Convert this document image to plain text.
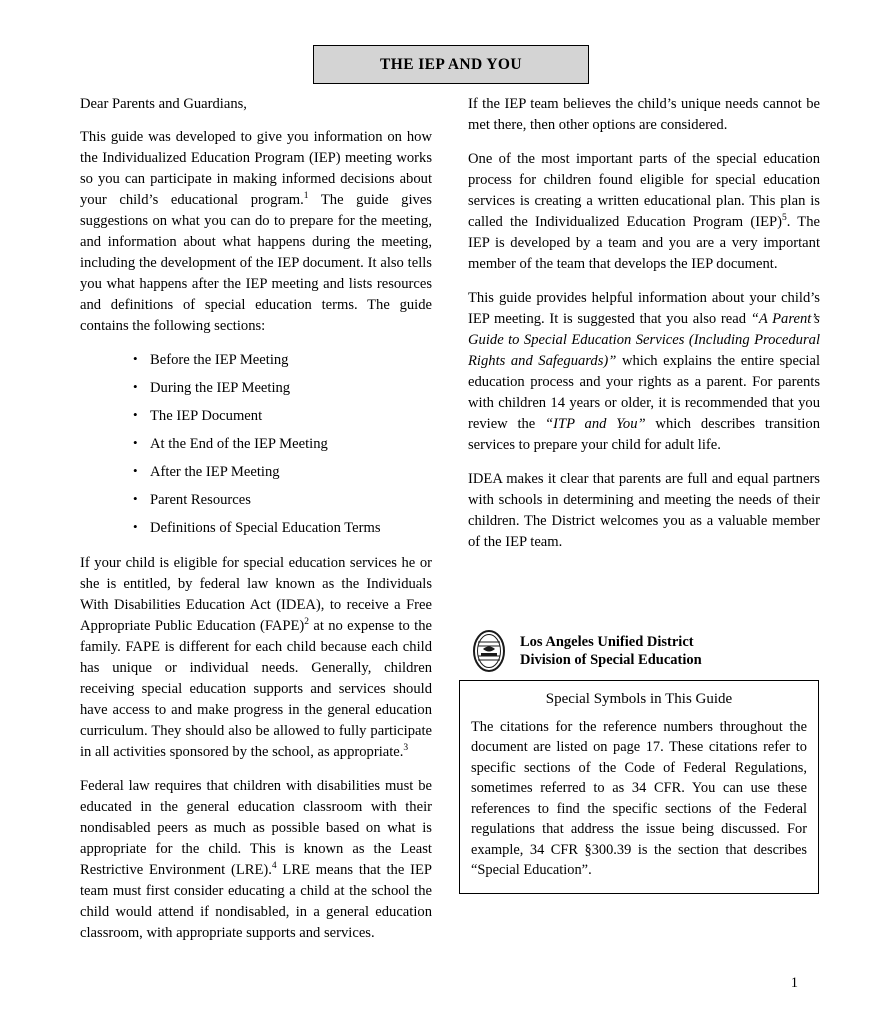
THE IEP AND YOU

Dear Parents and Guardians,

This guide was developed to give you information on how the Individualized Education Program (IEP) meeting works so you can participate in making informed decisions about your child’s educational program.$^1$ The guide gives suggestions on what you can do to prepare for the meeting, and information about what happens during the meeting, including the development of the IEP document. It also tells you what happens after the IEP meeting and lists resources and definitions of special education terms. The guide contains the following sections:

• Before the IEP Meeting
• During the IEP Meeting
• The IEP Document
• At the End of the IEP Meeting
• After the IEP Meeting
• Parent Resources
• Definitions of Special Education Terms

If your child is eligible for special education services he or she is entitled, by federal law known as the Individuals With Disabilities Education Act (IDEA), to receive a Free Appropriate Public Education (FAPE)$^2$ at no expense to the family. FAPE is different for each child because each child has unique or individual needs. Generally, children receiving special education supports and services should have access to and make progress in the general education curriculum. They should also be allowed to fully participate in all activities sponsored by the school, as appropriate.$^3$

Federal law requires that children with disabilities must be educated in the general education classroom with their nondisabled peers as much as possible based on what is appropriate for the child. This is known as the Least Restrictive Environment (LRE).$^4$ LRE means that the IEP team must first consider educating a child at the school the child would attend if nondisabled, in a general education classroom, with appropriate supports and services.

If the IEP team believes the child’s unique needs cannot be met there, then other options are considered.

One of the most important parts of the special education process for children found eligible for special education services is creating a written educational plan. This plan is called the Individualized Education Program (IEP)$^5$. The IEP is developed by a team and you are a very important member of the team that develops the IEP document.

This guide provides helpful information about your child’s IEP meeting. It is suggested that you also read “A Parent’s Guide to Special Education Services (Including Procedural Rights and Safeguards)” which explains the entire special education process and your rights as a parent. For parents with children 14 years or older, it is recommended that you review the “ITP and You” which describes transition services to prepare your child for adult life.

IDEA makes it clear that parents are full and equal partners with schools in determining and meeting the needs of their children. The District welcomes you as a valuable member of the IEP team.

Los Angeles Unified District
Division of Special Education
Special Symbols in This Guide
The citations for the reference numbers throughout the document are listed on page 17. These citations refer to specific sections of the Code of Federal Regulations, sometimes referred to as 34 CFR. You can use these references to find the specific sections of the Federal regulations that address the issue being discussed. For example, 34 CFR §300.39 is the section that describes “Special Education”.
1
